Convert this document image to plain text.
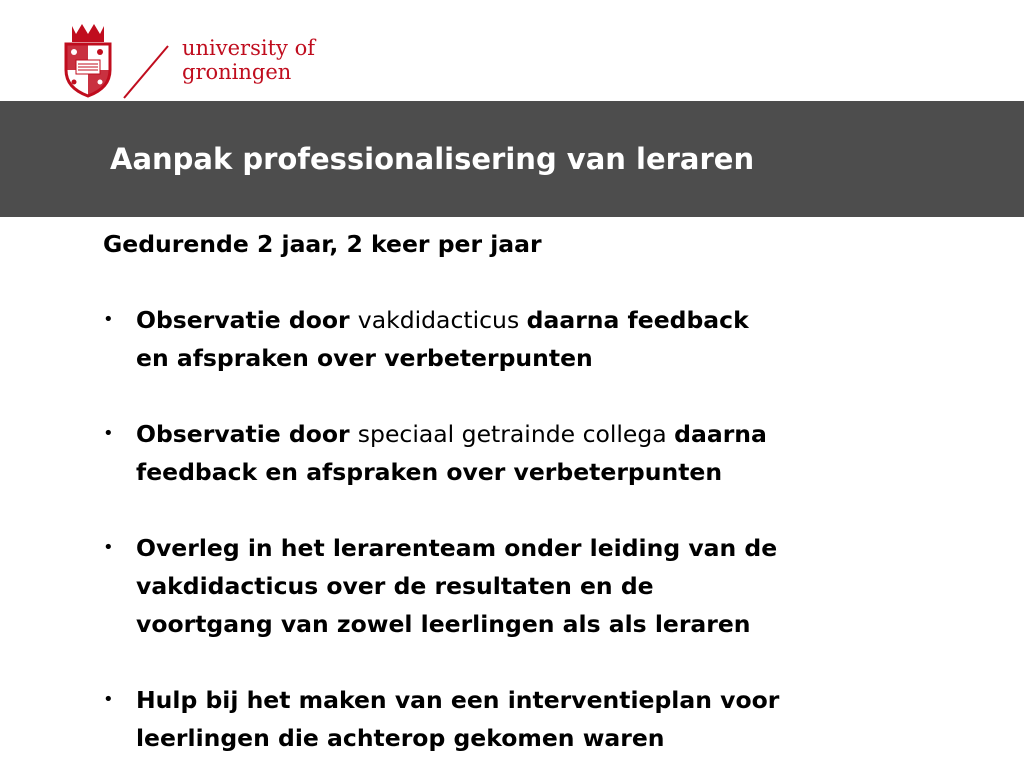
university of
groningen
Aanpak professionalisering van leraren

Gedurende 2 jaar, 2 keer per jaar

• Observatie door vakdidacticus daarna feedback
en afspraken over verbeterpunten
• Observatie door speciaal getrainde collega daarna
feedback en afspraken over verbeterpunten
• Overleg in het lerarenteam onder leiding van de
vakdidacticus over de resultaten en de
voortgang van zowel leerlingen als als leraren
• Hulp bij het maken van een interventieplan voor
leerlingen die achterop gekomen waren
